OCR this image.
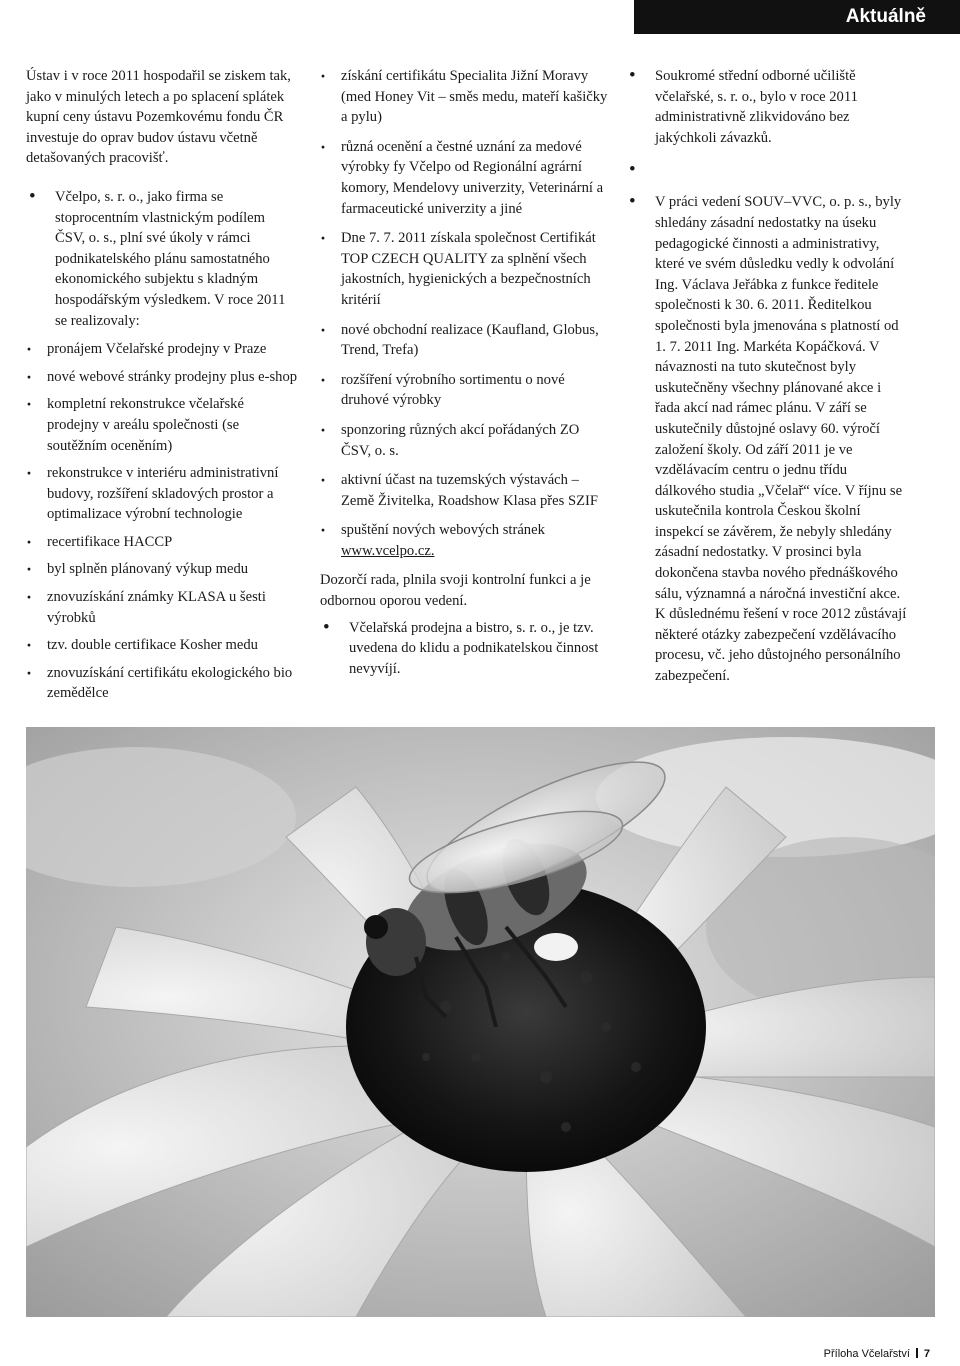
Aktuálně

Ústav i v roce 2011 hospodařil se ziskem tak, jako v minulých letech a po splacení splátek kupní ceny ústavu Pozemkovému fondu ČR investuje do oprav budov ústavu včetně detašovaných pracovišť.

• Včelpo, s. r. o., jako firma se stoprocentním vlastnickým podílem ČSV, o. s., plní své úkoly v rámci podnikatelského plánu samostatného ekonomického subjektu s kladným hospodářským výsledkem. V roce 2011 se realizovaly:
· pronájem Včelařské prodejny v Praze
· nové webové stránky prodejny plus e-shop
· kompletní rekonstrukce včelařské prodejny v areálu společnosti (se soutěžním oceněním)
· rekonstrukce v interiéru administrativní budovy, rozšíření skladových prostor a optimalizace výrobní technologie
· recertifikace HACCP
· byl splněn plánovaný výkup medu
· znovuzískání známky KLASA u šesti výrobků
· tzv. double certifikace Kosher medu
· znovuzískání certifikátu ekologického bio zemědělce
· získání certifikátu Specialita Jižní Moravy (med Honey Vit – směs medu, mateří kašičky a pylu)
· různá ocenění a čestné uznání za medové výrobky fy Včelpo od Regionální agrární komory, Mendelovy univerzity, Veterinární a farmaceutické univerzity a jiné
· Dne 7. 7. 2011 získala společnost Certifikát TOP CZECH QUALITY za splnění všech jakostních, hygienických a bezpečnostních kritérií
· nové obchodní realizace (Kaufland, Globus, Trend, Trefa)
· rozšíření výrobního sortimentu o nové druhové výrobky
· sponzoring různých akcí pořádaných ZO ČSV, o. s.
· aktivní účast na tuzemských výstavách – Země Živitelka, Roadshow Klasa přes SZIF
· spuštění nových webových stránek
www.vcelpo.cz.

Dozorčí rada, plnila svoji kontrolní funkci a je odbornou oporou vedení.

• Včelařská prodejna a bistro, s. r. o., je tzv. uvedena do klidu a podnikatelskou činnost nevyvíjí.
• Soukromé střední odborné učiliště včelařské, s. r. o., bylo v roce 2011 administrativně zlikvidováno bez jakýchkoli závazků.
•
• V práci vedení SOUV–VVC, o. p. s., byly shledány zásadní nedostatky na úseku pedagogické činnosti a administrativy, které ve svém důsledku vedly k odvolání Ing. Václava Jeřábka z funkce ředitele společnosti k 30. 6. 2011. Ředitelkou společnosti byla jmenována s platností od 1. 7. 2011 Ing. Markéta Kopáčková. V návaznosti na tuto skutečnost byly uskutečněny všechny plánované akce i řada akcí nad rámec plánu. V září se uskutečnily důstojné oslavy 60. výročí založení školy. Od září 2011 je ve vzdělávacím centru o jednu třídu dálkového studia „Včelař“ více. V říjnu se uskutečnila kontrola Českou školní inspekcí se závěrem, že nebyly shledány zásadní nedostatky. V prosinci byla dokončena stavba nového přednáškového sálu, významná a náročná investiční akce. K důslednému řešení v roce 2012 zůstávají některé otázky zabezpečení vzdělávacího procesu, vč. jeho důstojného personálního zabezpečení.
Příloha Včelařství 7
